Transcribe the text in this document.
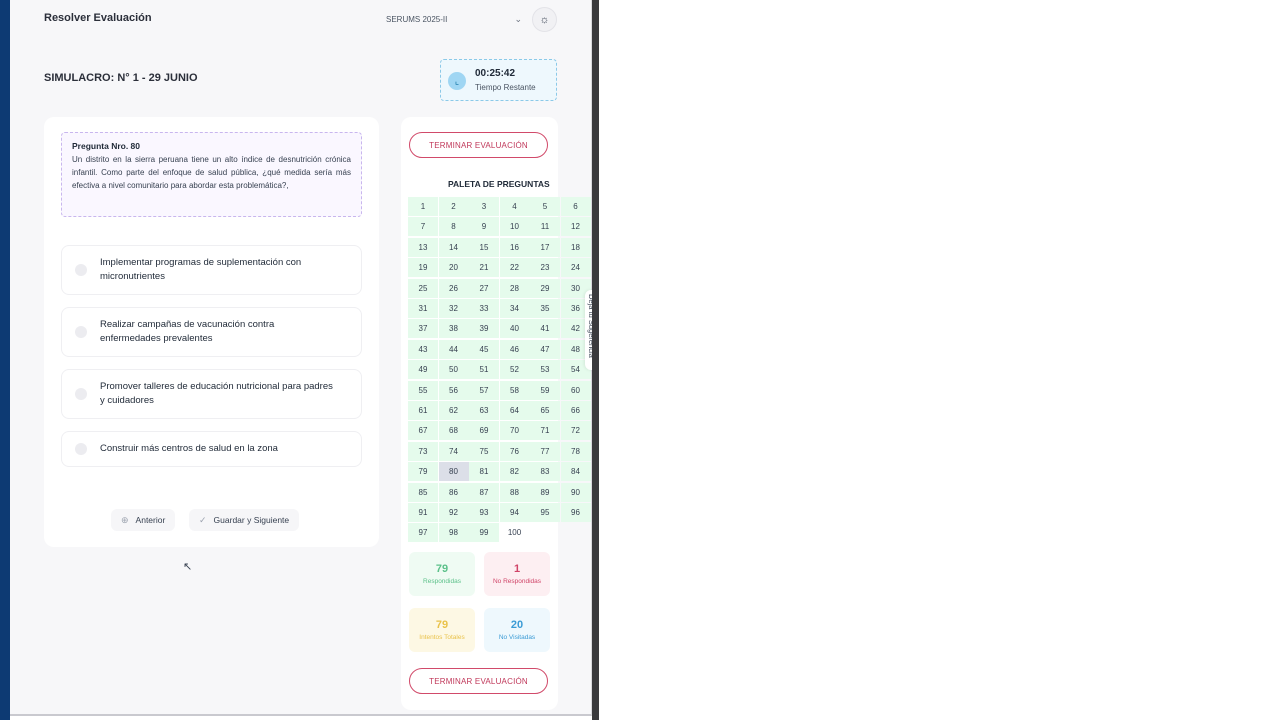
Resolver Evaluación	SERUMS 2025-II	⌄ ☼
SIMULACRO: N° 1 - 29 JUNIO	⌞
00:25:42
Tiempo Restante
Pregunta Nro. 80
Un distrito en la sierra peruana tiene un alto índice de desnutrición crónica infantil. Como parte del enfoque de salud pública, ¿qué medida sería más efectiva a nivel comunitario para abordar esta problemática?,
Implementar programas de suplementación con micronutrientes
Realizar campañas de vacunación contra enfermedades prevalentes
Promover talleres de educación nutricional para padres y cuidadores
Construir más centros de salud en la zona
⊕ Anterior	✓ Guardar y Siguiente
TERMINAR EVALUACIÓN
PALETA DE PREGUNTAS
1	2	3	4	5	6
7	8	9	10	11	12
13	14	15	16	17	18
19	20	21	22	23	24
25	26	27	28	29	30
31	32	33	34	35	36
37	38	39	40	41	42
43	44	45	46	47	48
49	50	51	52	53	54
55	56	57	58	59	60
61	62	63	64	65	66
67	68	69	70	71	72
73	74	75	76	77	78
79	80	81	82	83	84
85	86	87	88	89	90
91	92	93	94	95	96
97	98	99	100
79
Respondidas
1
No Respondidas
79
Intentos Totales
20
No Visitadas
TERMINAR EVALUACIÓN
↖
